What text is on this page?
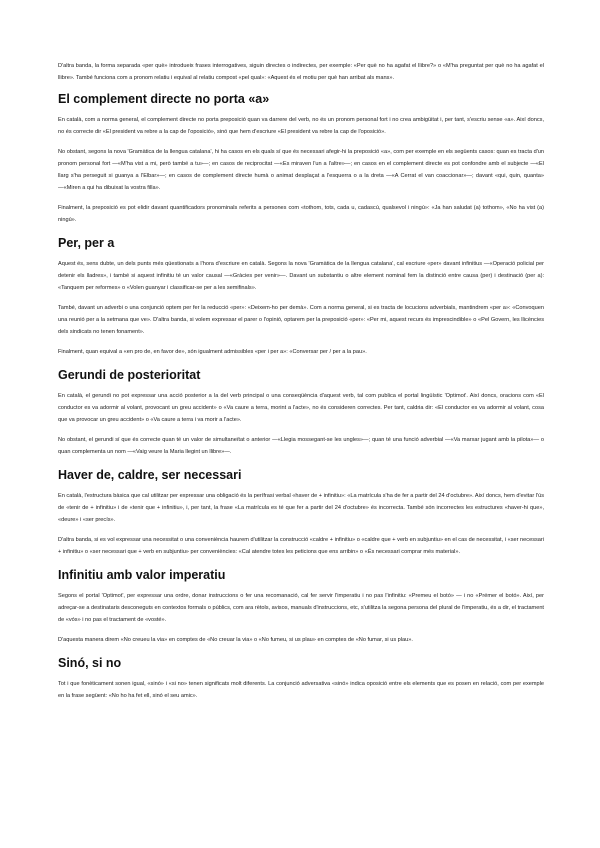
D'altra banda, la forma separada «per què» introdueix frases interrogatives, siguin directes o indirectes, per exemple: «Per què no ha agafat el llibre?» o «M'ha preguntat per què no ha agafat el llibre». També funciona com a pronom relatiu i equival al relatiu compost «pel qual»: «Aquest és el motiu per què han arribat als mans».

El complement directe no porta «a»

En català, com a norma general, el complement directe no porta preposició quan va darrere del verb, no és un pronom personal fort i no crea ambigüitat i, per tant, s'escriu sense «a». Així doncs, no és correcte dir «El president va rebre a la cap de l'oposició», sinó que hem d'escriure «El president va rebre la cap de l'oposició».

No obstant, segons la nova 'Gramàtica de la llengua catalana', hi ha casos en els quals sí que és necessari afegir-hi la preposició «a», com per exemple en els següents casos: quan es tracta d'un pronom personal fort —«M'ha vist a mi, però també a tu»—; en casos de reciprocitat —«Es miraven l'un a l'altre»—; en casos en el complement directe es pot confondre amb el subjecte —«El llarg s'ha perseguit si guanya a l'Elbar»—; en casos de complement directe humà o animat desplaçat a l'esquerra o a la dreta —«A Cerrat el van coaccionar»—; davant «qui, quin, quanta» —«Miren a qui ha dibuixat la vostra filla».

Finalment, la preposició es pot elidir davant quantificadors pronominals referits a persones com «tothom, tots, cada u, cadascú, qualsevol i ningú»: «Ja han saludat (a) tothom», «No ha vist (a) ningú».

Per, per a

Aquest és, sens dubte, un dels punts més qüestionats a l'hora d'escriure en català. Segons la nova 'Gramàtica de la llengua catalana', cal escriure «per» davant infinitius —«Operació policial per detenir els lladres», i també si aquest infinitiu té un valor causal —«Gràcies per venir»—. Davant un substantiu o altre element nominal fem la distinció entre causa (per) i destinació (per a): «Tanquem per reformes» o «Volen guanyar i classificar-se per a les semifinals».

També, davant un adverbi o una conjunció optem per fer la reducció «per»: «Deixem-ho per demà». Com a norma general, si es tracta de locucions adverbials, mantindrem «per a»: «Convoquen una reunió per a la setmana que ve». D'altra banda, si volem expressar el parer o l'opinió, optarem per la preposició «per»: «Per mi, aquest recurs és imprescindible» o «Pel Govern, les llicències dels sindicats no tenen fonament».

Finalment, quan equival a «en pro de, en favor de», són igualment admissibles «per i per a»: «Conversar per / per a la pau».

Gerundi de posterioritat

En català, el gerundi no pot expressar una acció posterior a la del verb principal o una conseqüència d'aquest verb, tal com publica el portal lingüístic 'Optimot'. Així doncs, oracions com «El conductor es va adormir al volant, provocant un greu accident» o «Va caure a terra, morint a l'acte», no és consideren correctes. Per tant, caldria dir: «El conductor es va adormir al volant, cosa que va provocar un greu accident» o «Va caure a terra i va morir a l'acte».

No obstant, el gerundi sí que és correcte quan té un valor de simultaneïtat o anterior —«Llegia mossegant-se les ungles»—; quan té una funció adverbial —«Va marxar jugant amb la pilota»— o quan complementa un nom —«Vaig veure la Maria llegint un llibre»—.

Haver de, caldre, ser necessari

En català, l'estructura bàsica que cal utilitzar per expressar una obligació és la perífrasi verbal «haver de + infinitiu»: «La matrícula s'ha de fer a partir del 24 d'octubre». Així doncs, hem d'evitar l'ús de «tenir de + infinitiu» i de «tenir que + infinitiu», i, per tant, la frase «La matrícula es té que fer a partir del 24 d'octubre» és incorrecta. També són incorrectes les estructures «haver-hi que», «deure» i «ser precís».

D'altra banda, si es vol expressar una necessitat o una conveniència haurem d'utilitzar la construcció «caldre + infinitiu» o «caldre que + verb en subjuntiu» en el cas de necessitat, i «ser necessari + infinitiu» o «ser necessari que + verb en subjuntiu» per conveniències: «Cal atendre totes les peticions que ens arribin» o «És necessari comprar més material».

Infinitiu amb valor imperatiu

Segons el portal 'Optimot', per expressar una ordre, donar instruccions o fer una recomanació, cal fer servir l'imperatiu i no pas l'infinitiu: «Premeu el botó» — i no «Prémer el botó». Així, per adreçar-se a destinataris desconeguts en contextos formals o públics, com ara rètols, avisos, manuals d'instruccions, etc, s'utilitza la segona persona del plural de l'imperatiu, és a dir, el tractament de «vós» i no pas el tractament de «vosté».

D'aquesta manera direm «No creueu la via» en comptes de «No creuar la via» o «No fumeu, si us plau» en comptes de «No fumar, si us plau».

Sinó, si no

Tot i que fonèticament sonen igual, «sinó» i «si no» tenen significats molt diferents. La conjunció adversativa «sinó» indica oposició entre els elements que es posen en relació, com per exemple en la frase següent: «No ho ha fet ell, sinó el seu amic».
